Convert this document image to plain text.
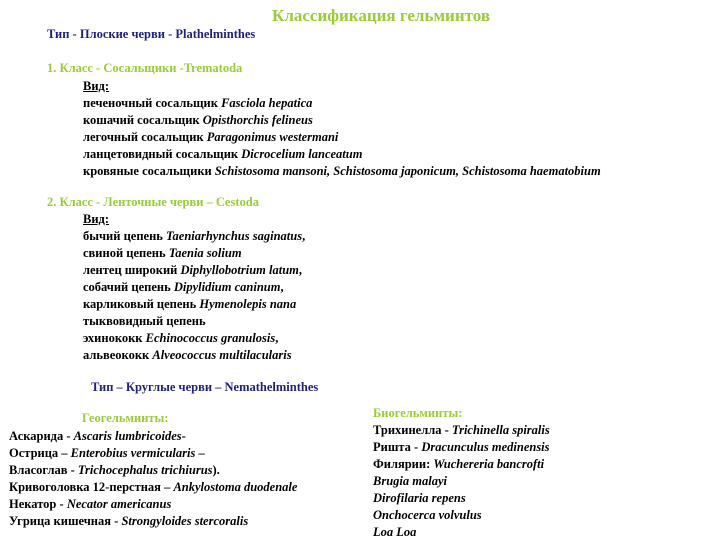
Классификация гельминтов
Тип - Плоские черви - Plathelminthes
1. Класс - Сосальщики -Trematoda
Вид:
печеночный сосальщик Fasciola hepatica
кошачий сосальщик Opisthorchis felineus
легочный сосальщик Paragonimus westermani
ланцетовидный сосальщик Dicrocelium lanceatum
кровяные сосальщики Schistosoma mansoni, Schistosoma japonicum, Schistosoma haematobium
2. Класс - Ленточные черви – Cestoda
Вид:
бычий цепень Taeniarhynchus saginatus,
свиной цепень Taenia solium
лентец широкий Diphyllobotrium latum,
собачий цепень Dipylidium caninum,
карликовый цепень Hymenolepis nana
тыквовидный цепень
эхинококк Echinococcus granulosis,
альвеококк Alveococcus multilacularis
Тип – Круглые черви – Nemathelminthes
Геогельминты:
Аскарида - Ascaris lumbricoides-
Острица – Enterobius vermicularis –
Власоглав - Trichocephalus trichiurus).
Кривоголовка 12-перстная – Ankylostoma duodenale
Некатор - Necator americanus
Угрица кишечная - Strongyloides stercoralis
Биогельминты:
Трихинелла - Trichinella spiralis
Ришта - Dracunculus medinensis
Филярии: Wuchereria bancrofti
Brugia malayi
Dirofilaria repens
Onchocerca volvulus
Loa Loa
